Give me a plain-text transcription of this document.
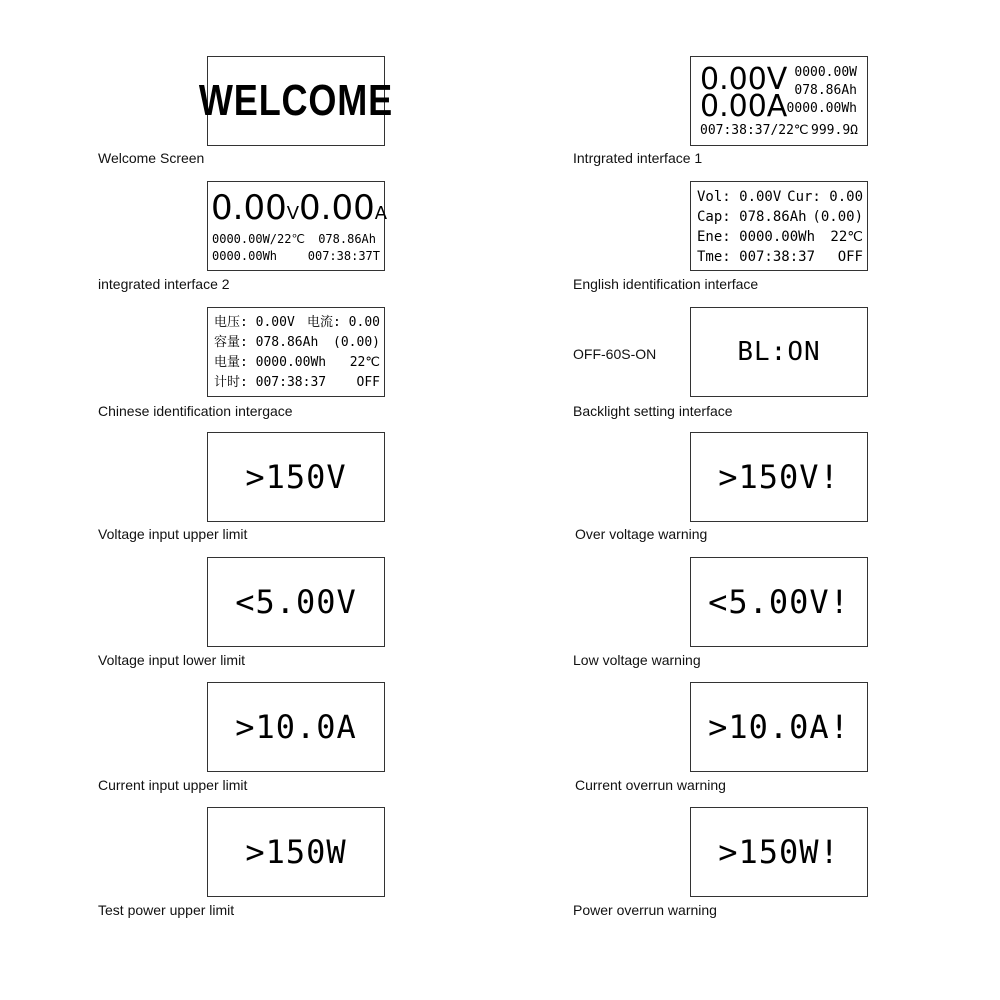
WELCOME
Welcome Screen
0.00V 0000.00W
078.86Ah
0.00A 0000.00Wh
007:38:37/22℃ 999.9Ω
Intrgrated interface 1
0.00V0.00A
0000.00W/22℃ 078.86Ah
0000.00Wh	007:38:37T
integrated interface 2
Vol: 0.00V Cur: 0.00
Cap: 078.86Ah (0.00)
Ene: 0000.00Wh 22℃
Tme: 007:38:37 OFF
English identification interface
电压: 0.00V 电流: 0.00
容量: 078.86Ah (0.00)
电量: 0000.00Wh 22℃
计时: 007:38:37 OFF
Chinese identification intergace
OFF-60S-ON	BL:ON
Backlight setting interface
>150V
Voltage input upper limit
>150V!
Over voltage warning
<5.00V
Voltage input lower limit
<5.00V!
Low voltage warning
>10.0A
Current input upper limit
>10.0A!
Current overrun warning
>150W
Test power upper limit
>150W!
Power overrun warning
